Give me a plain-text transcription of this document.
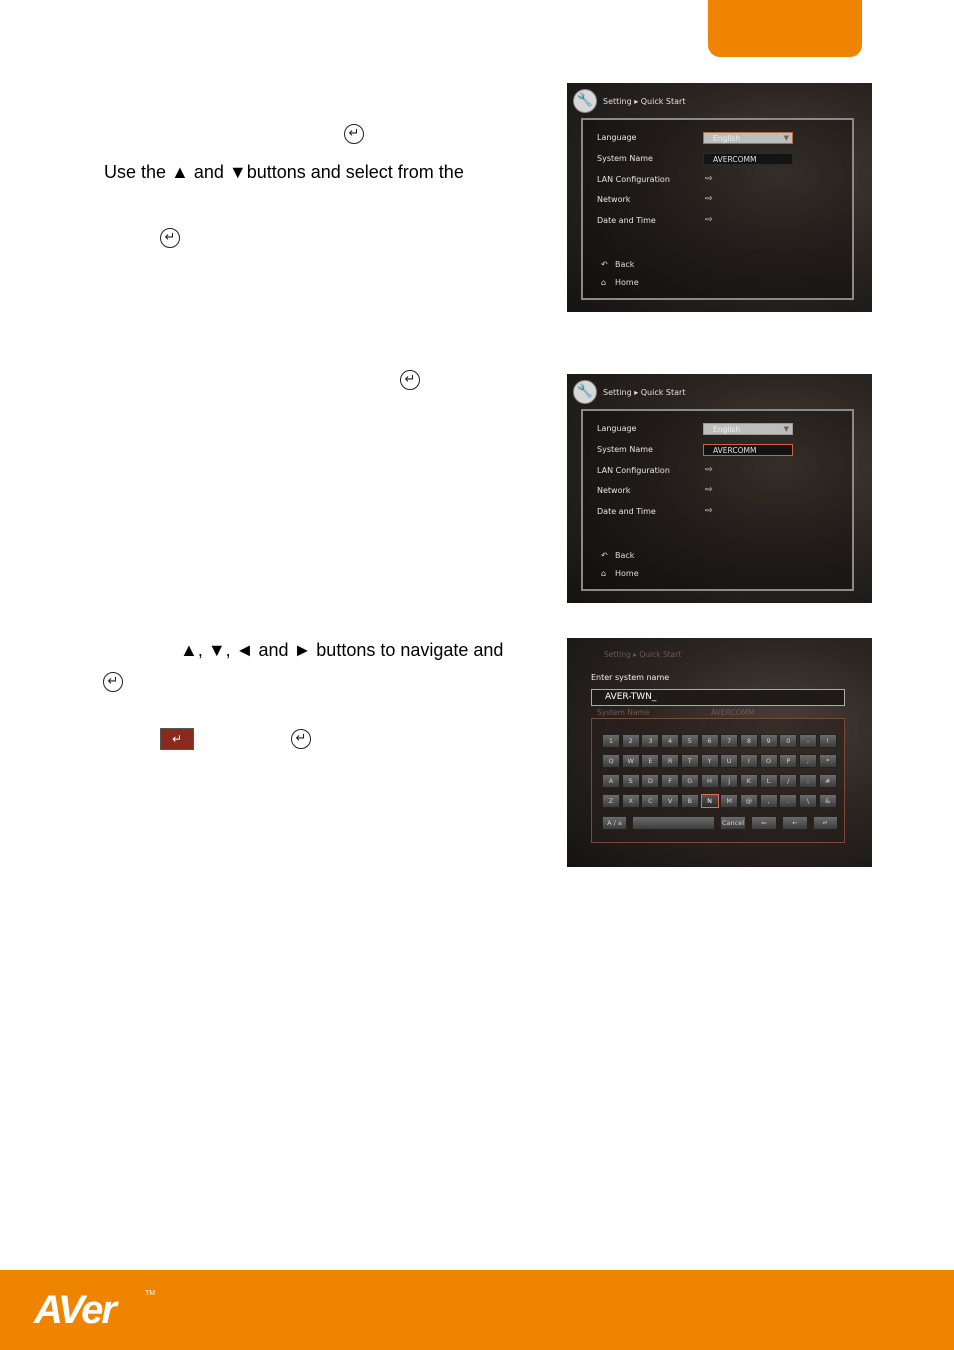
↵
Use the ▲ and ▼buttons and select from the
↵
↵
▲, ▼, ◄ and ► buttons to navigate and
↵
↵	↵
🔧	Setting ▸ Quick Start
Language	English	▼
System Name	AVERCOMM
LAN Configuration	⇨
Network	⇨
Date and Time	⇨
↶ Back
⌂ Home
🔧	Setting ▸ Quick Start
Language	English	▼
System Name	AVERCOMM
LAN Configuration	⇨
Network	⇨
Date and Time	⇨
↶ Back
⌂ Home
Setting ▸ Quick Start
Enter system name
AVER-TWN_
System Name	AVERCOMM
1	2	3	4	5	6	7	8	9	0	-	!
Q	W	E	R	T	Y	U	I	O	P	;	*
A	S	D	F	G	H	J	K	L	/	:	#
Z	X	C	V	B	N	M	@	,	.	\	&
A / a	Cancel	⇐	←	↵
AVer	TM
